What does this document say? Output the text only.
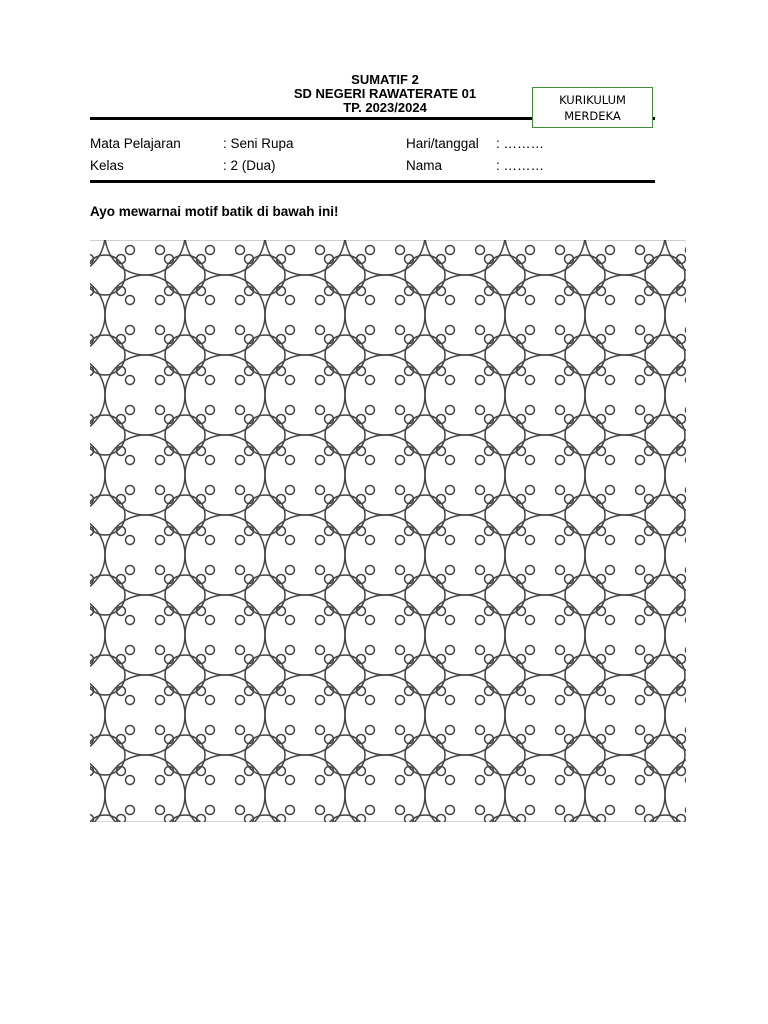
SUMATIF 2
SD NEGERI RAWATERATE 01
TP. 2023/2024
KURIKULUM
MERDEKA
Mata Pelajaran	: Seni Rupa	Hari/tanggal : ………
Kelas	: 2 (Dua)	Nama	: ………
Ayo mewarnai motif batik di bawah ini!
